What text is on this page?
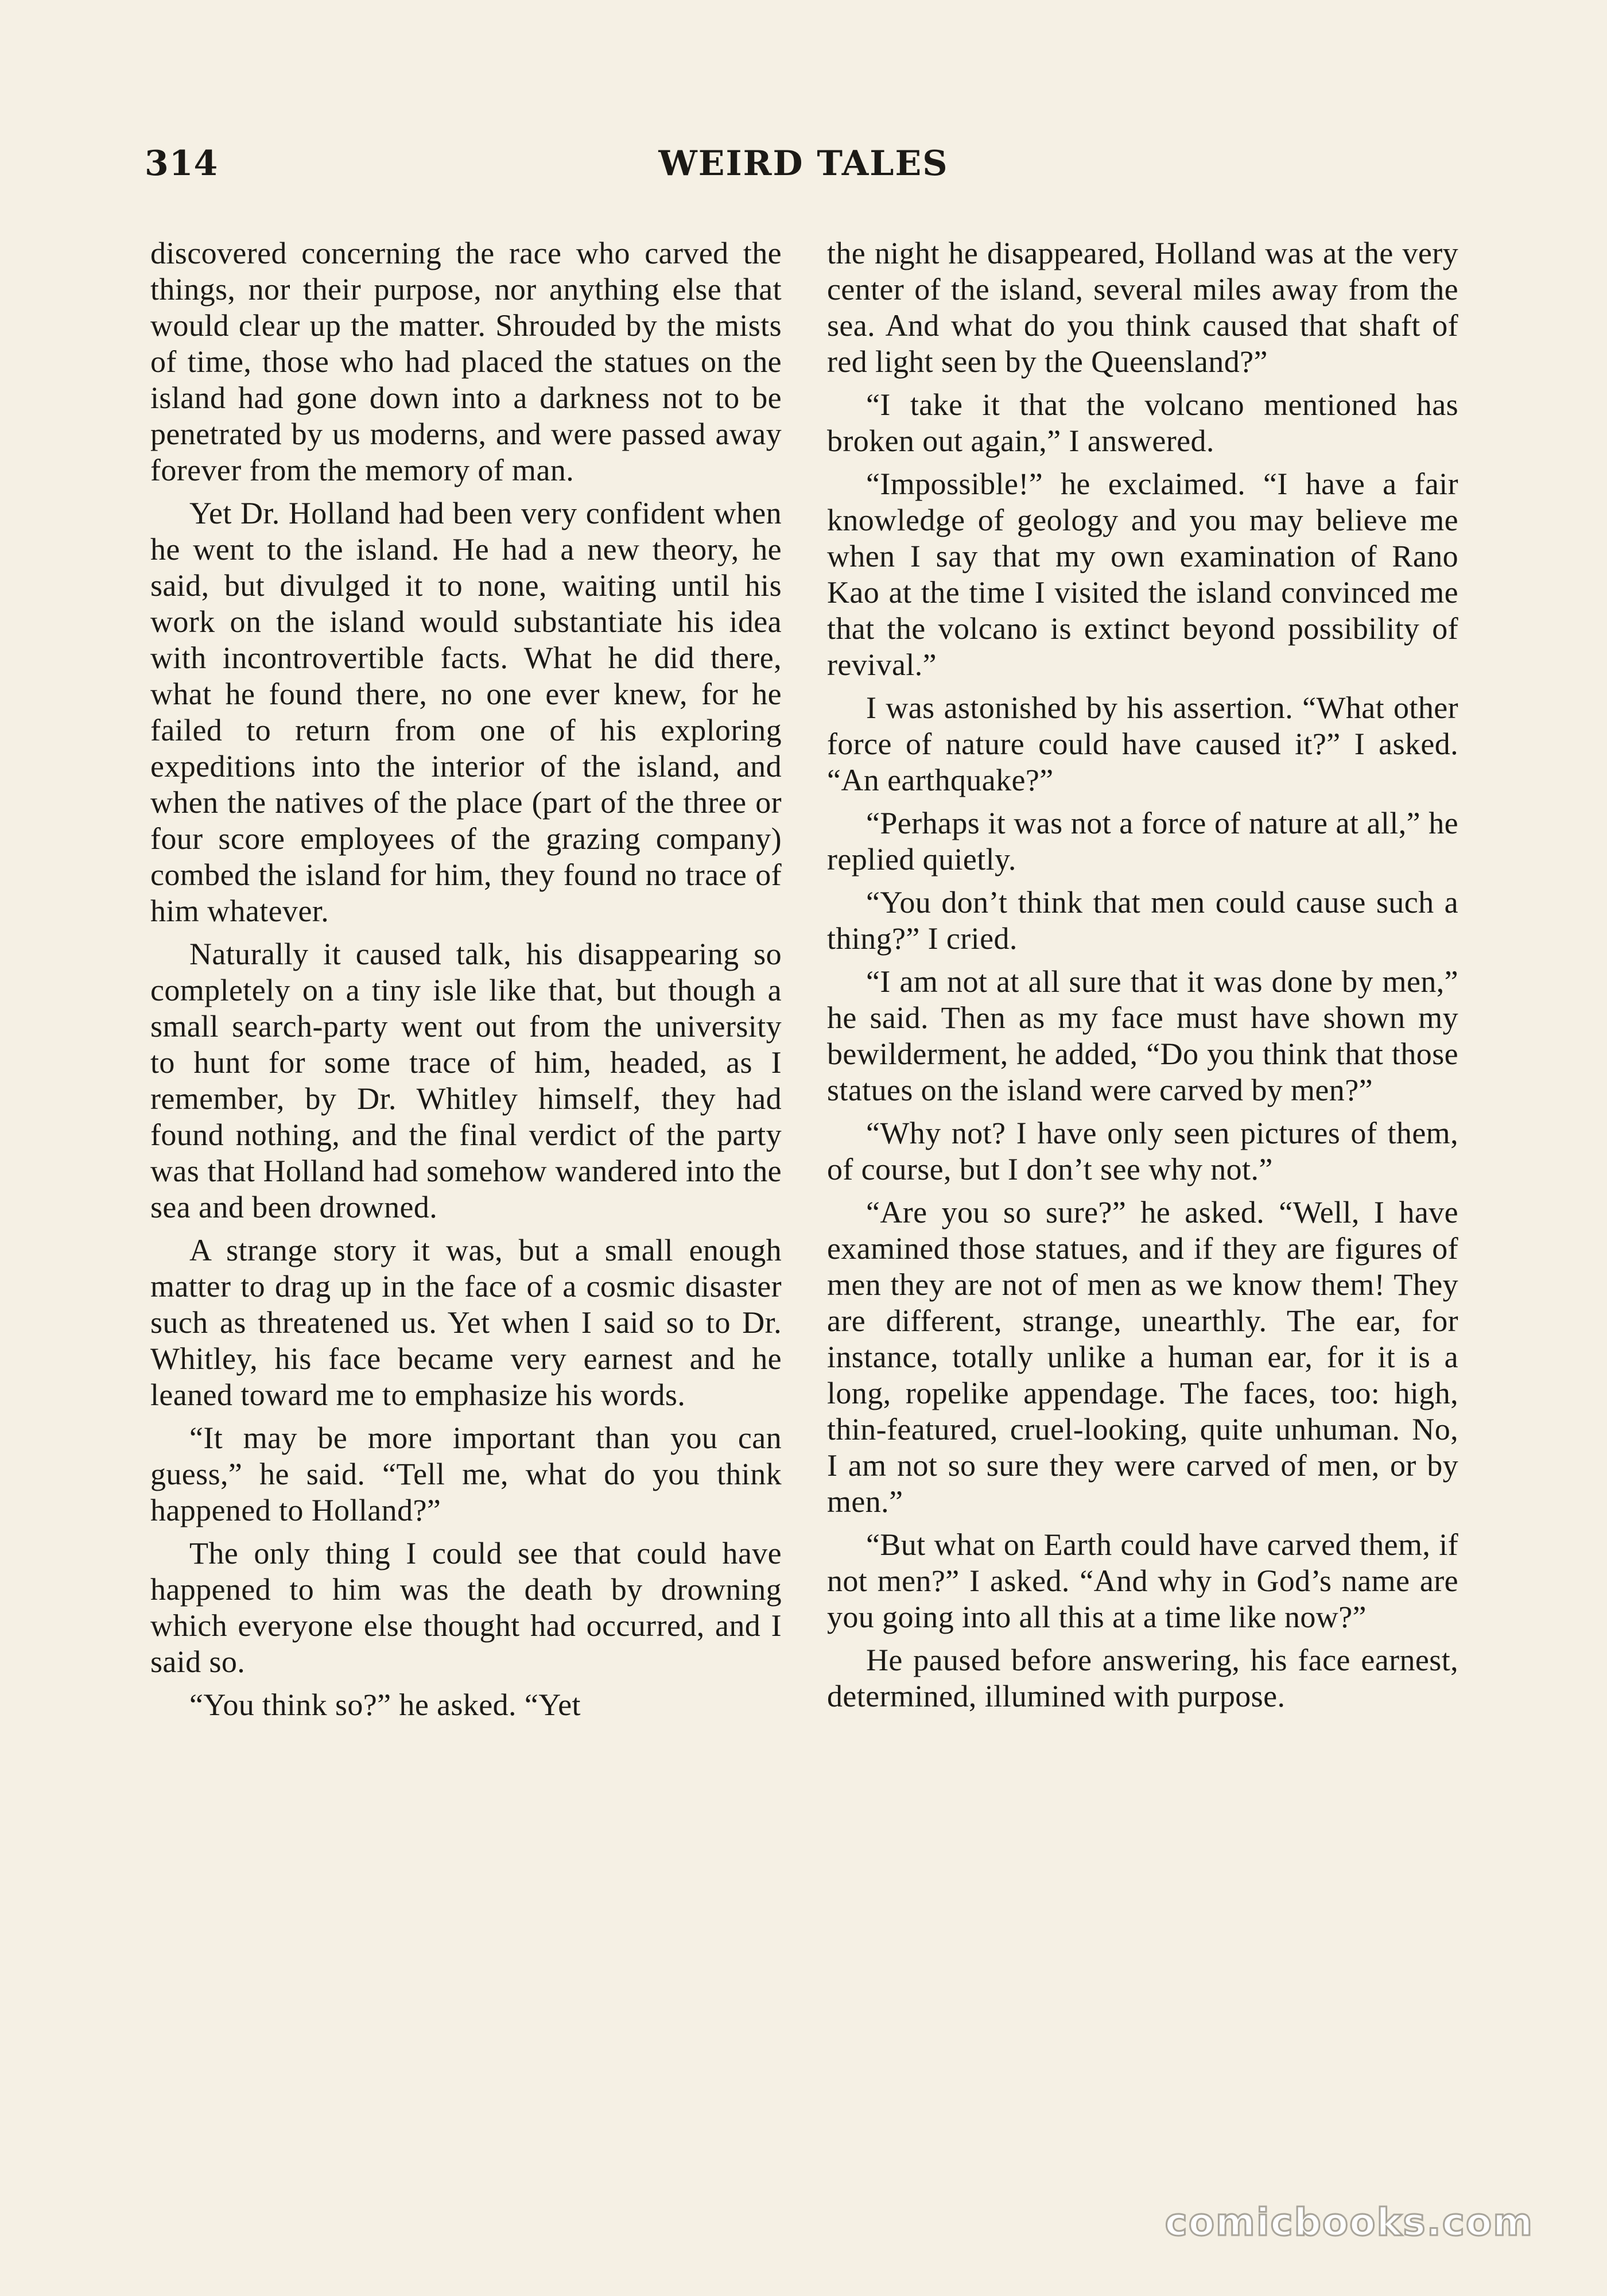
314	WEIRD TALES

discovered concerning the race who carved the things, nor their purpose, nor anything else that would clear up the matter. Shrouded by the mists of time, those who had placed the statues on the island had gone down into a darkness not to be penetrated by us moderns, and were passed away forever from the memory of man.

Yet Dr. Holland had been very confident when he went to the island. He had a new theory, he said, but divulged it to none, waiting until his work on the island would substantiate his idea with incontrovertible facts. What he did there, what he found there, no one ever knew, for he failed to return from one of his exploring expeditions into the interior of the island, and when the natives of the place (part of the three or four score employees of the grazing company) combed the island for him, they found no trace of him whatever.

Naturally it caused talk, his disappearing so completely on a tiny isle like that, but though a small search-party went out from the university to hunt for some trace of him, headed, as I remember, by Dr. Whitley himself, they had found nothing, and the final verdict of the party was that Holland had somehow wandered into the sea and been drowned.

A strange story it was, but a small enough matter to drag up in the face of a cosmic disaster such as threatened us. Yet when I said so to Dr. Whitley, his face became very earnest and he leaned toward me to emphasize his words.

“It may be more important than you can guess,” he said. “Tell me, what do you think happened to Holland?”

The only thing I could see that could have happened to him was the death by drowning which everyone else thought had occurred, and I said so.

“You think so?” he asked. “Yet

the night he disappeared, Holland was at the very center of the island, several miles away from the sea. And what do you think caused that shaft of red light seen by the Queensland?”

“I take it that the volcano mentioned has broken out again,” I answered.

“Impossible!” he exclaimed. “I have a fair knowledge of geology and you may believe me when I say that my own examination of Rano Kao at the time I visited the island convinced me that the volcano is extinct beyond possibility of revival.”

I was astonished by his assertion. “What other force of nature could have caused it?” I asked. “An earthquake?”

“Perhaps it was not a force of nature at all,” he replied quietly.

“You don’t think that men could cause such a thing?” I cried.

“I am not at all sure that it was done by men,” he said. Then as my face must have shown my bewilderment, he added, “Do you think that those statues on the island were carved by men?”

“Why not? I have only seen pictures of them, of course, but I don’t see why not.”

“Are you so sure?” he asked. “Well, I have examined those statues, and if they are figures of men they are not of men as we know them! They are different, strange, unearthly. The ear, for instance, totally unlike a human ear, for it is a long, ropelike appendage. The faces, too: high, thin-featured, cruel-looking, quite unhuman. No, I am not so sure they were carved of men, or by men.”

“But what on Earth could have carved them, if not men?” I asked. “And why in God’s name are you going into all this at a time like now?”

He paused before answering, his face earnest, determined, illumined with purpose.

comicbooks.com
